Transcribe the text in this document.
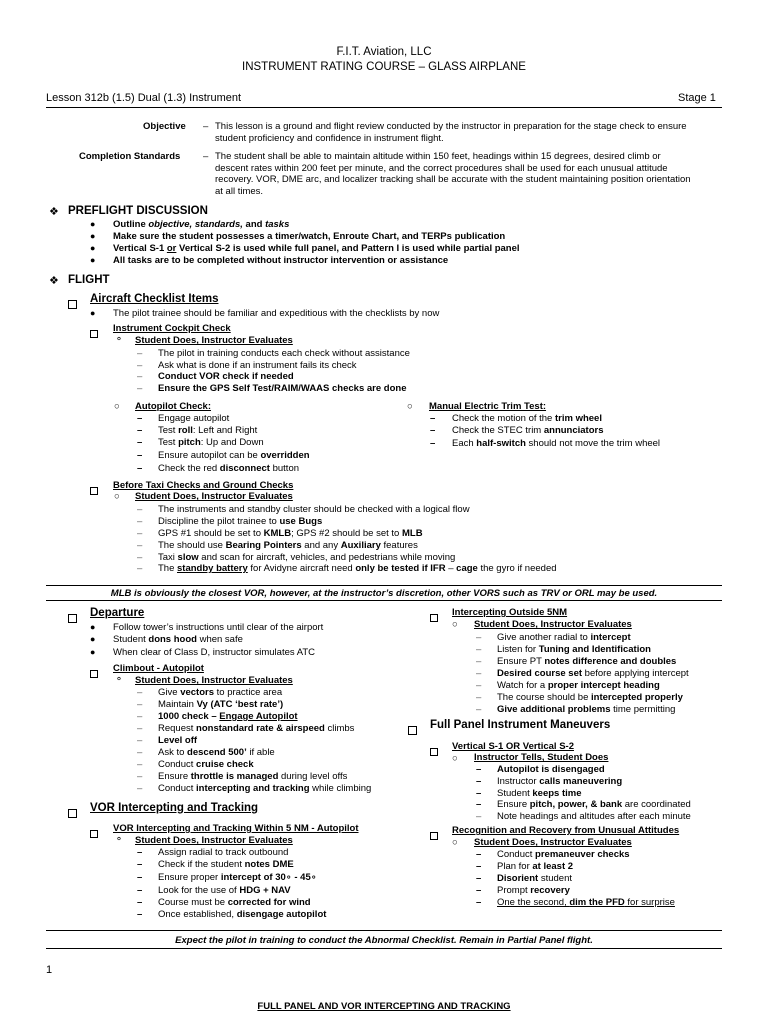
F.I.T. Aviation, LLC
INSTRUMENT RATING COURSE – GLASS AIRPLANE
Lesson 312b (1.5) Dual (1.3) Instrument	Stage 1
Objective – This lesson is a ground and flight review conducted by the instructor in preparation for the stage check to ensure
student proficiency and confidence in instrument flight.
Completion Standards – The student shall be able to maintain altitude within 150 feet, headings within 15 degrees, desired climb or
descent rates within 200 feet per minute, and the correct procedures shall be used for each unusual attitude
recovery. VOR, DME arc, and localizer tracking shall be accurate with the student maintaining position orientation
at all times.
❖ PREFLIGHT DISCUSSION
● Outline objective, standards, and tasks
● Make sure the student possesses a timer/watch, Enroute Chart, and TERPs publication
● Vertical S-1 or Vertical S-2 is used while full panel, and Pattern I is used while partial panel
● All tasks are to be completed without instructor intervention or assistance
❖ FLIGHT
Aircraft Checklist Items
● The pilot trainee should be familiar and expeditious with the checklists by now
Instrument Cockpit Check
⚬ Student Does, Instructor Evaluates
– The pilot in training conducts each check without assistance
– Ask what is done if an instrument fails its check
– Conduct VOR check if needed
– Ensure the GPS Self Test/RAIM/WAAS checks are done
○ Autopilot Check:
– Engage autopilot
– Test roll: Left and Right
– Test pitch: Up and Down
– Ensure autopilot can be overridden
– Check the red disconnect button
○ Manual Electric Trim Test:
– Check the motion of the trim wheel
– Check the STEC trim annunciators
– Each half-switch should not move the trim wheel
Before Taxi Checks and Ground Checks
○ Student Does, Instructor Evaluates
– The instruments and standby cluster should be checked with a logical flow
– Discipline the pilot trainee to use Bugs
– GPS #1 should be set to KMLB; GPS #2 should be set to MLB
– The should use Bearing Pointers and any Auxiliary features
– Taxi slow and scan for aircraft, vehicles, and pedestrians while moving
– The standby battery for Avidyne aircraft need only be tested if IFR – cage the gyro if needed
MLB is obviously the closest VOR, however, at the instructor’s discretion, other VORS such as TRV or ORL may be used.
Departure
● Follow tower’s instructions until clear of the airport
● Student dons hood when safe
● When clear of Class D, instructor simulates ATC
Climbout - Autopilot
⚬ Student Does, Instructor Evaluates
– Give vectors to practice area
– Maintain Vy (ATC ‘best rate’)
– 1000 check – Engage Autopilot
– Request nonstandard rate & airspeed climbs
– Level off
– Ask to descend 500’ if able
– Conduct cruise check
– Ensure throttle is managed during level offs
– Conduct intercepting and tracking while climbing
VOR Intercepting and Tracking
VOR Intercepting and Tracking Within 5 NM - Autopilot
⚬ Student Does, Instructor Evaluates
– Assign radial to track outbound
– Check if the student notes DME
– Ensure proper intercept of 30∘ - 45∘
– Look for the use of HDG + NAV
– Course must be corrected for wind
– Once established, disengage autopilot
Intercepting Outside 5NM
○ Student Does, Instructor Evaluates
– Give another radial to intercept
– Listen for Tuning and Identification
– Ensure PT notes difference and doubles
– Desired course set before applying intercept
– Watch for a proper intercept heading
– The course should be intercepted properly
– Give additional problems time permitting
Full Panel Instrument Maneuvers
Vertical S-1 OR Vertical S-2
○ Instructor Tells, Student Does
– Autopilot is disengaged
– Instructor calls maneuvering
– Student keeps time
– Ensure pitch, power, & bank are coordinated
– Note headings and altitudes after each minute
Recognition and Recovery from Unusual Attitudes
○ Student Does, Instructor Evaluates
– Conduct premaneuver checks
– Plan for at least 2
– Disorient student
– Prompt recovery
– One the second, dim the PFD for surprise
Expect the pilot in training to conduct the Abnormal Checklist. Remain in Partial Panel flight.
1
FULL PANEL AND VOR INTERCEPTING AND TRACKING
